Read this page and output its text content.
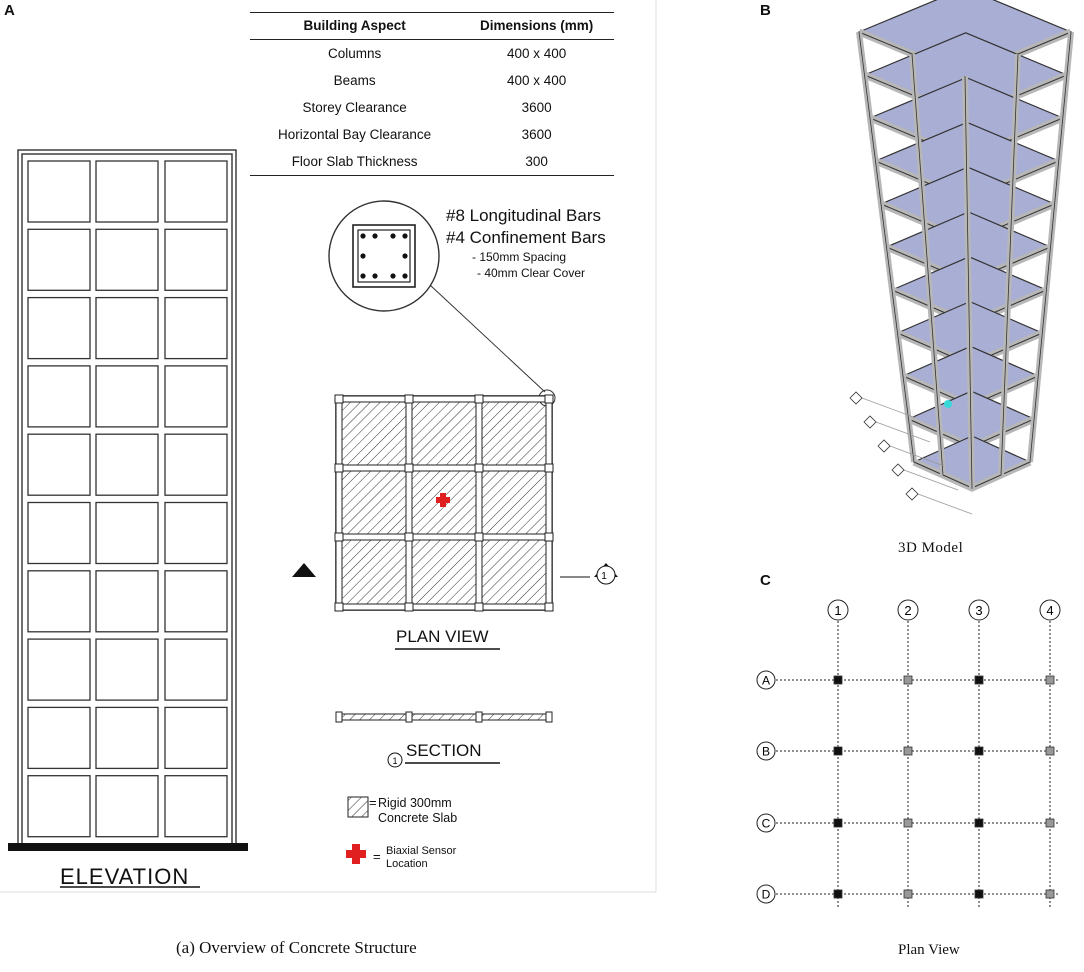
A
Building Aspect	Dimensions (mm)
Columns	400 x 400
Beams	400 x 400
Storey Clearance	3600
Horizontal Bay Clearance	3600
Floor Slab Thickness	300
1
1
ELEVATION
PLAN VIEW
SECTION
#8 Longitudinal Bars
#4 Confinement Bars
- 150mm Spacing
- 40mm Clear Cover
= Rigid 300mm
Concrete Slab
= Biaxial Sensor
Location
(a) Overview of Concrete Structure
B
3D Model
C
1	2	3	4
A
B
C
D
Plan View
